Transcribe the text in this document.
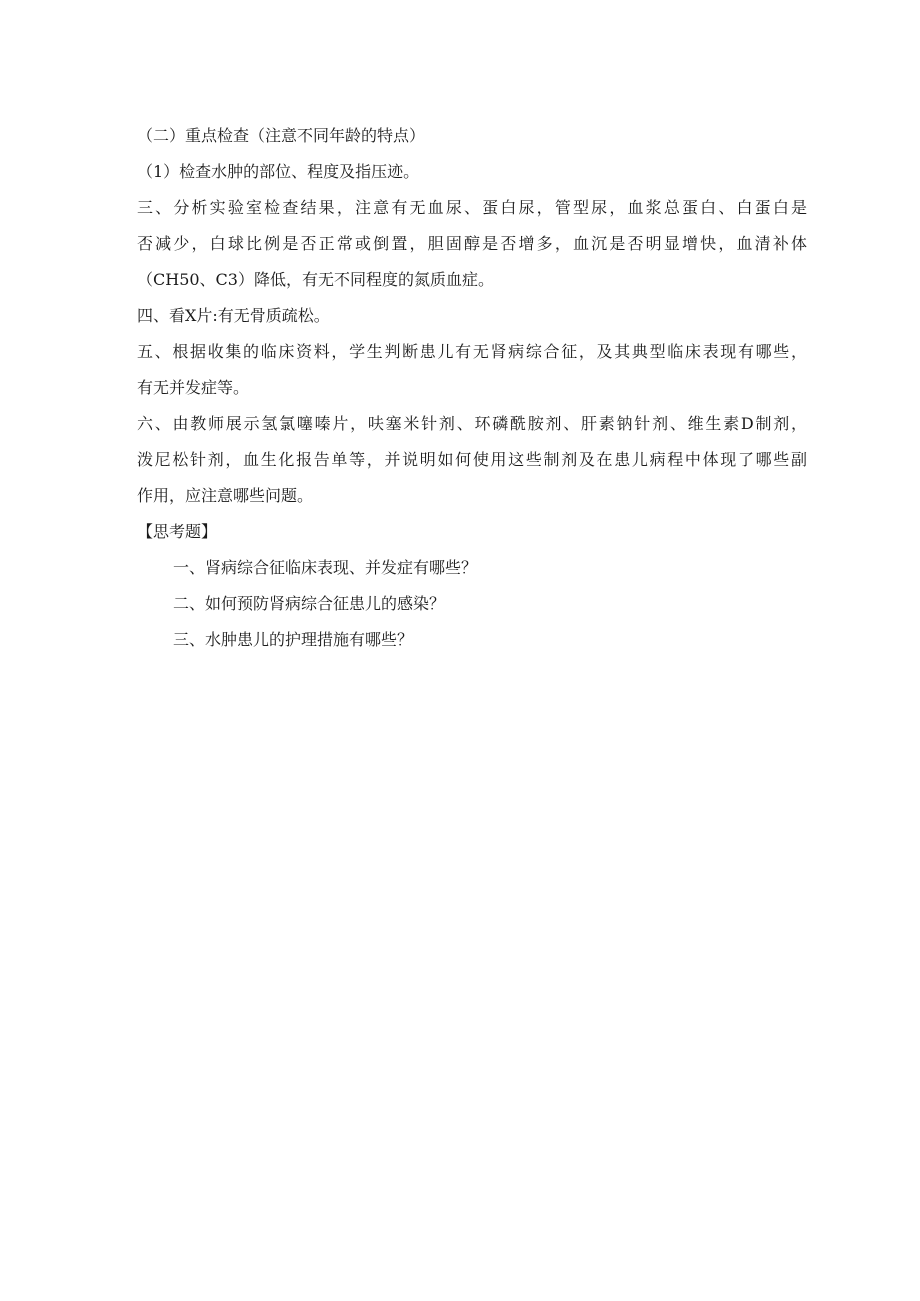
（二）重点检查（注意不同年龄的特点）
（1）检查水肿的部位、程度及指压迹。
三、分析实验室检查结果，注意有无血尿、蛋白尿，管型尿，血浆总蛋白、白蛋白是
否减少，白球比例是否正常或倒置，胆固醇是否增多，血沉是否明显增快，血清补体
（CH50、C3）降低，有无不同程度的氮质血症。
四、看X片:有无骨质疏松。
五、根据收集的临床资料，学生判断患儿有无肾病综合征，及其典型临床表现有哪些，
有无并发症等。
六、由教师展示氢氯噻嗪片，呋塞米针剂、环磷酰胺剂、肝素钠针剂、维生素D制剂，
泼尼松针剂，血生化报告单等，并说明如何使用这些制剂及在患儿病程中体现了哪些副
作用，应注意哪些问题。
【思考题】
一、肾病综合征临床表现、并发症有哪些？
二、如何预防肾病综合征患儿的感染？
三、水肿患儿的护理措施有哪些？
